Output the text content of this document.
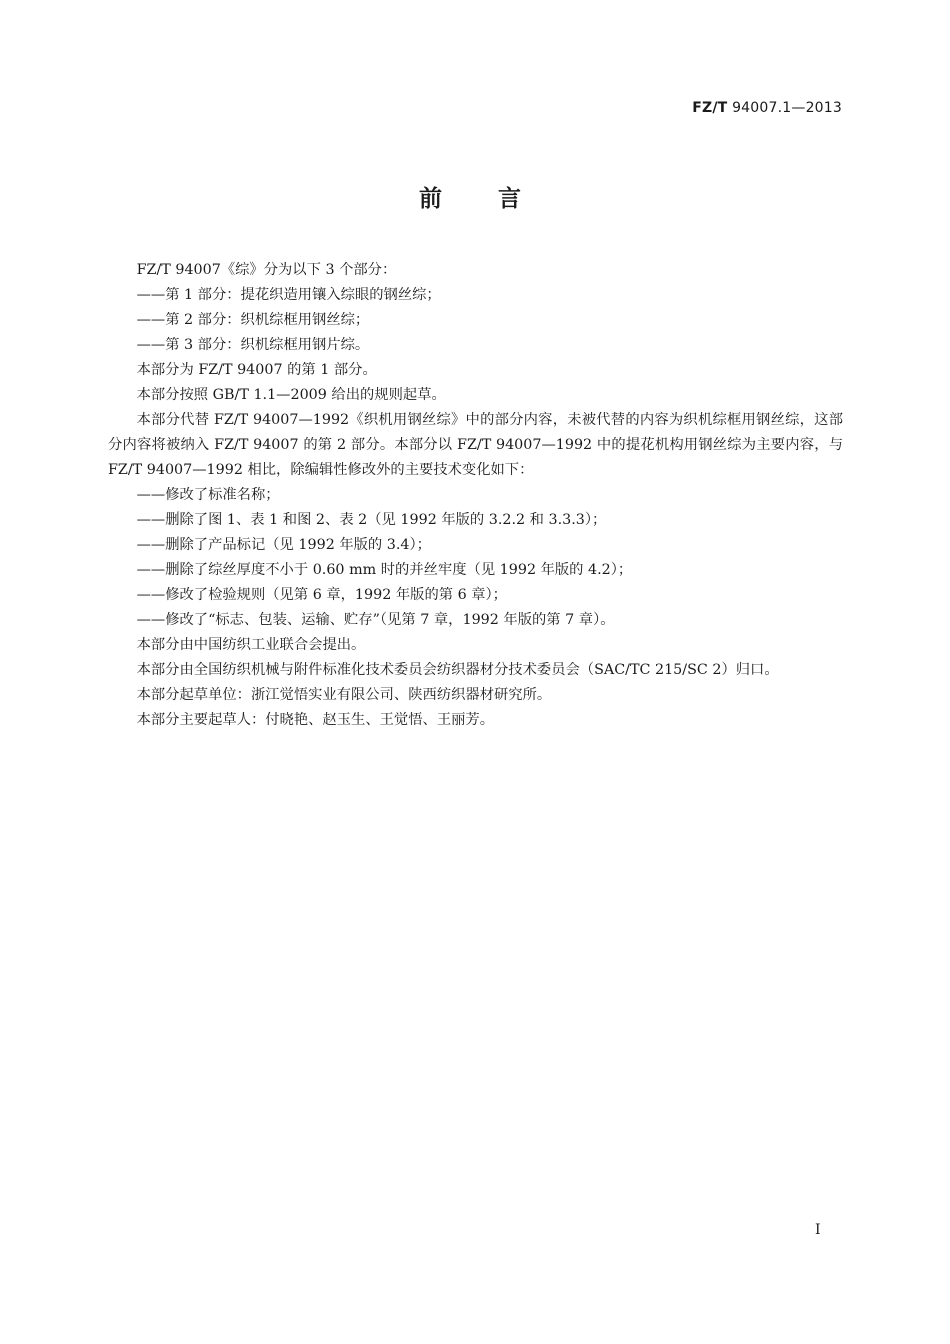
FZ/T 94007.1—2013
前言

FZ/T 94007《综》分为以下 3 个部分：

——第 1 部分：提花织造用镶入综眼的钢丝综；

——第 2 部分：织机综框用钢丝综；

——第 3 部分：织机综框用钢片综。

本部分为 FZ/T 94007 的第 1 部分。

本部分按照 GB/T 1.1—2009 给出的规则起草。

本部分代替 FZ/T 94007—1992《织机用钢丝综》中的部分内容，未被代替的内容为织机综框用钢丝综，这部分内容将被纳入 FZ/T 94007 的第 2 部分。本部分以 FZ/T 94007—1992 中的提花机构用钢丝综为主要内容，与 FZ/T 94007—1992 相比，除编辑性修改外的主要技术变化如下：

——修改了标准名称；

——删除了图 1、表 1 和图 2、表 2（见 1992 年版的 3.2.2 和 3.3.3）；

——删除了产品标记（见 1992 年版的 3.4）；

——删除了综丝厚度不小于 0.60 mm 时的并丝牢度（见 1992 年版的 4.2）；

——修改了检验规则（见第 6 章，1992 年版的第 6 章）；

——修改了“标志、包装、运输、贮存”（见第 7 章，1992 年版的第 7 章）。

本部分由中国纺织工业联合会提出。

本部分由全国纺织机械与附件标准化技术委员会纺织器材分技术委员会（SAC/TC 215/SC 2）归口。

本部分起草单位：浙江觉悟实业有限公司、陕西纺织器材研究所。

本部分主要起草人：付晓艳、赵玉生、王觉悟、王丽芳。

I
